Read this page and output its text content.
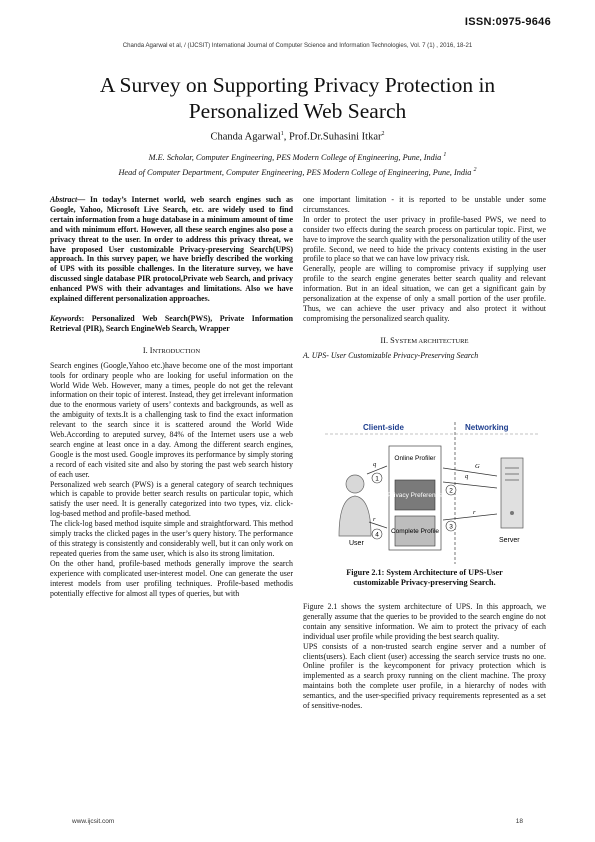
ISSN:0975-9646
Chanda Agarwal et al, / (IJCSIT) International Journal of Computer Science and Information Technologies, Vol. 7 (1) , 2016, 18-21
A Survey on Supporting Privacy Protection in
Personalized Web Search
Chanda Agarwal$^1$, Prof.Dr.Suhasini Itkar$^2$
M.E. Scholar, Computer Engineering, PES Modern College of Engineering, Pune, India $^1$
Head of Computer Department, Computer Engineering, PES Modern College of Engineering, Pune, India $^2$

Abstract— In today’s Internet world, web search engines such as Google, Yahoo, Microsoft Live Search, etc. are widely used to find certain information from a huge database in a minimum amount of time and with minimum effort. However, all these search engines also pose a privacy threat to the user. In order to address this privacy threat, we have proposed User customizable Privacy-preserving Search(UPS) approach. In this survey paper, we have briefly described the working of UPS with its possible challenges. In the literature survey, we have discussed single database PIR protocol,Private web Search, and privacy enhanced PWS with their advantages and limitations. Also we have explained different personalization approaches.

Keywords: Personalized Web Search(PWS), Private Information Retrieval (PIR), Search EngineWeb Search, Wrapper

I. INTRODUCTION

Search engines (Google,Yahoo etc.)have become one of the most important tools for ordinary people who are looking for useful information on the World Wide Web. However, many a times, people do not get the relevant information on their topic of interest. Instead, they get irrelevant information due to the enormous variety of users’ contexts and backgrounds, as well as the ambiguity of texts.It is a challenging task to find the exact information relevant to the search since it is scattered around the World Wide Web.According to areputed survey, 84% of the Internet users use a web search engine at least once in a day. Among the different search engines, Google is the most used. Google improves its performance by simply storing a record of each visited site and also by storing the past web search history of each user.

Personalized web search (PWS) is a general category of search techniques which is capable to provide better search results on particular topic, which satisfy the user need. It is generally categorized into two types, viz. click-log-based method and profile-based method.

The click-log based method isquite simple and straightforward. This method simply tracks the clicked pages in the user’s query history. The performance of this strategy is consistently and considerably well, but it can only work on repeated queries from the same user, which is also its strong limitation.

On the other hand, profile-based methods generally improve the search experience with complicated user-interest model. One can generate the user interest models from user profiling techniques. Profile-based methodis potentially effective for almost all types of queries, but with

one important limitation - it is reported to be unstable under some circumstances.

In order to protect the user privacy in profile-based PWS, we need to consider two effects during the search process on particular topic. First, we have to improve the search quality with the personalization utility of the user profile. Second, we need to hide the privacy contents existing in the user profile to place so that we can have low privacy risk.

Generally, people are willing to compromise privacy if supplying user profile to the search engine generates better search quality and relevant information. But in an ideal situation, we can get a significant gain by personalization at the expense of only a small portion of the user profile. Thus, we can achieve the user privacy and also protect it without compromising the personalized search quality.

II. SYSTEM ARCHITECTURE
A. UPS- User Customizable Privacy-Preserving Search
Client-side	Networking
User
Online Profiler
Privacy Preference
Complete Profile
Server
q	G
q
r
r
1
2
3
4
Figure 2.1: System Architecture of UPS-User
customizable Privacy-preserving Search.

Figure 2.1 shows the system architecture of UPS. In this approach, we generally assume that the queries to be provided to the search engine do not contain any sensitive information. We aim to protect the privacy of each individual user profile while providing the best search quality.

UPS consists of a non-trusted search engine server and a number of clients(users). Each client (user) accessing the search service trusts no one. Online profiler is the keycomponent for privacy protection which is implemented as a search proxy running on the client machine. The proxy maintains both the complete user profile, in a hierarchy of nodes with semantics, and the user-specified privacy requirements represented as a set of sensitive-nodes.

www.ijcsit.com	18
